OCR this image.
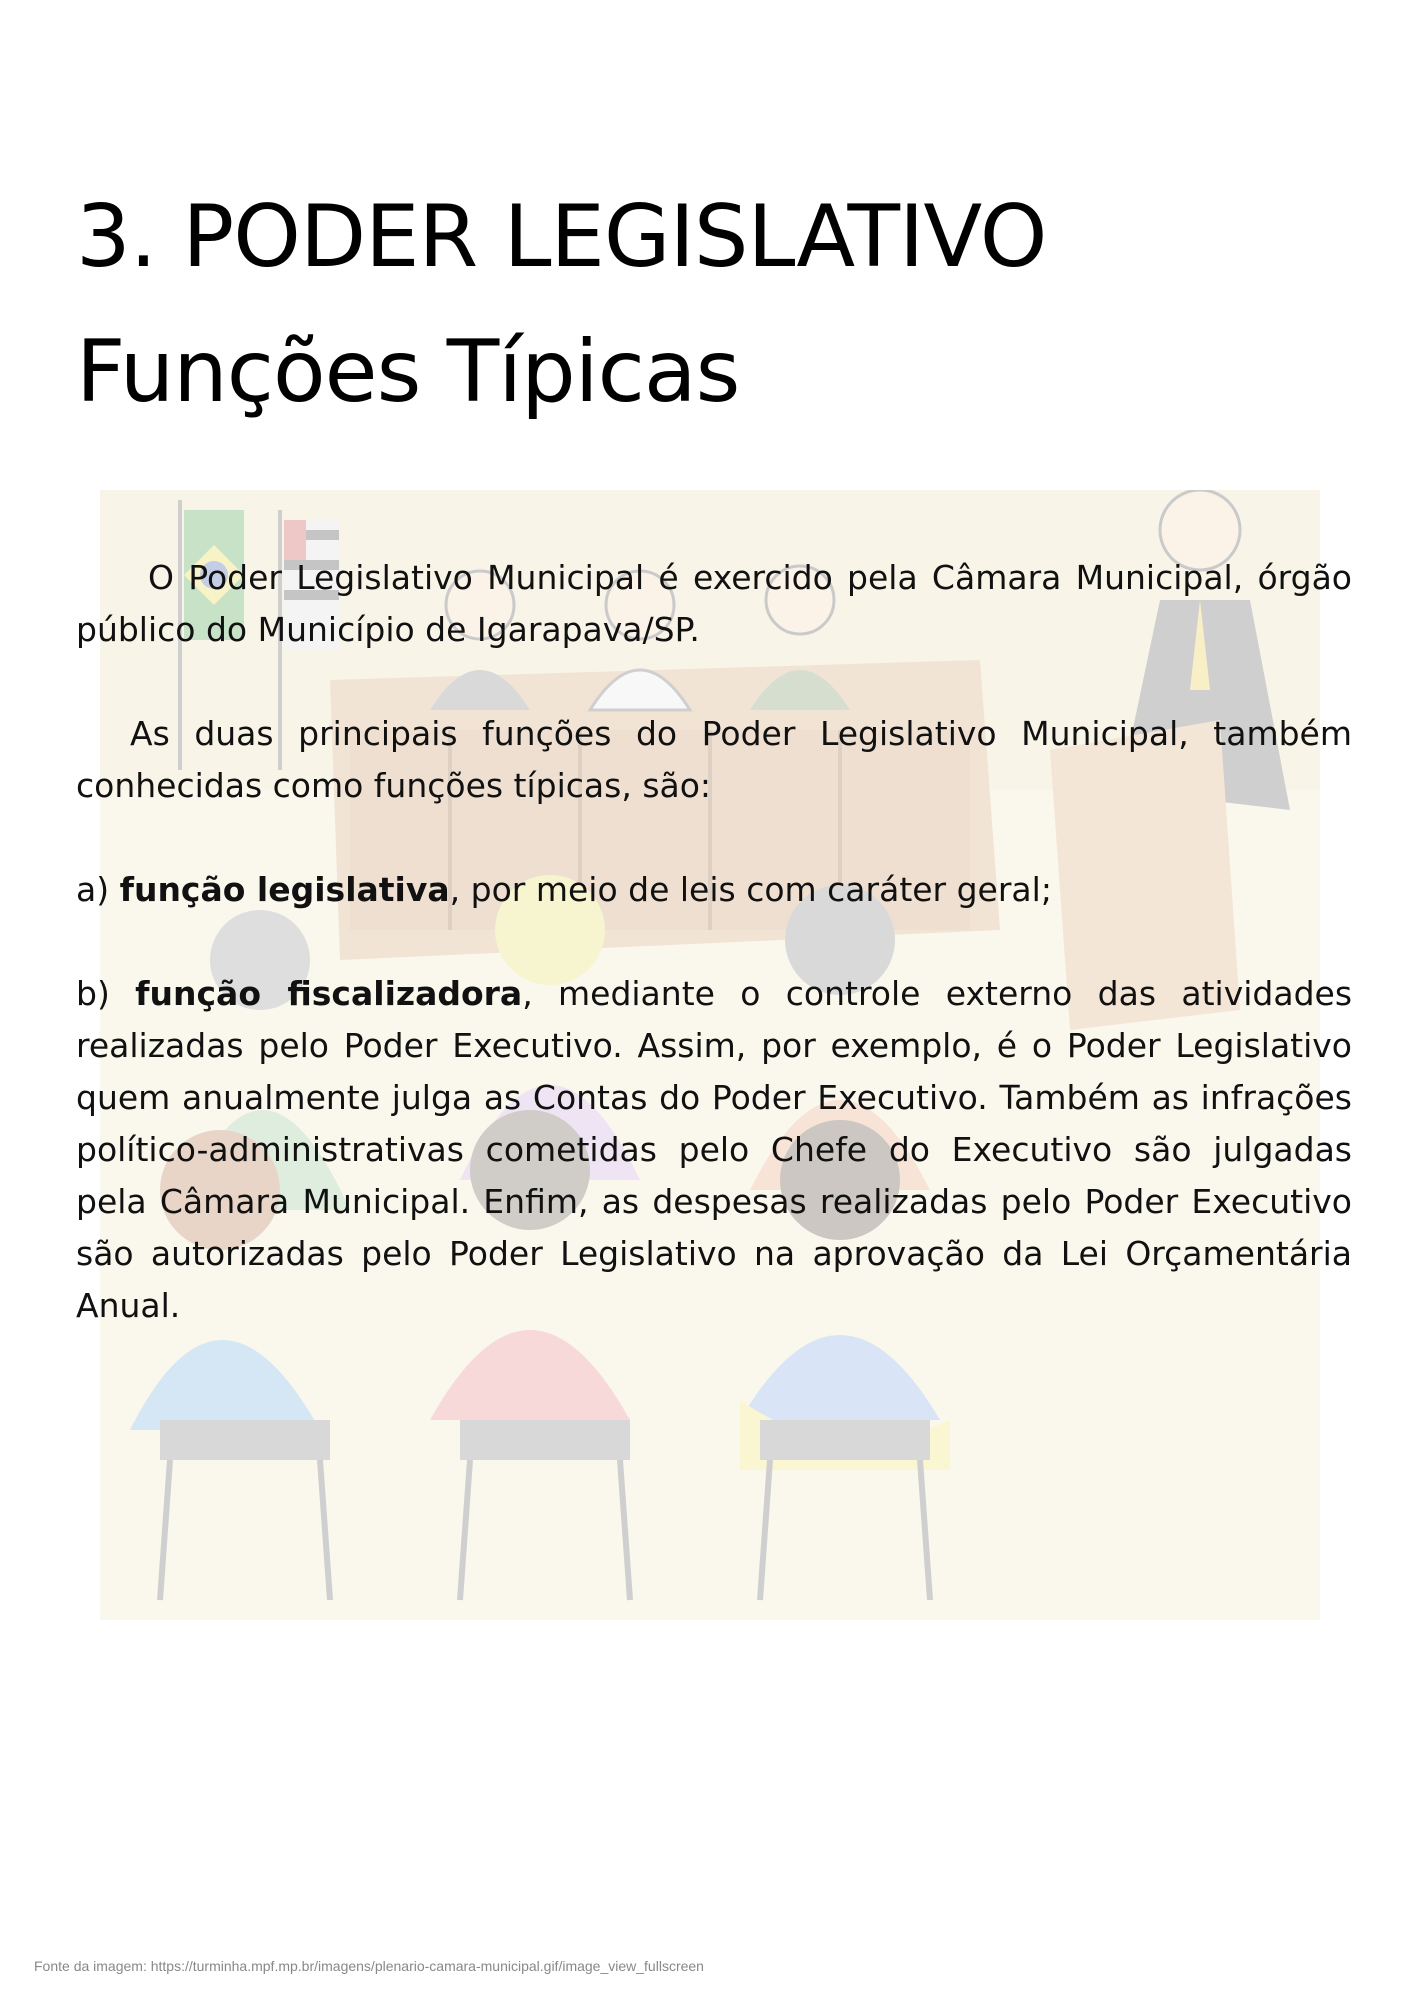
3. PODER LEGISLATIVO
Funções Típicas

O Poder Legislativo Municipal é exercido pela Câmara Municipal, órgão público do Município de Igarapava/SP.

As duas principais funções do Poder Legislativo Municipal, também conhecidas como funções típicas, são:

a) função legislativa, por meio de leis com caráter geral;

b) função fiscalizadora, mediante o controle externo das atividades realizadas pelo Poder Executivo. Assim, por exemplo, é o Poder Legislativo quem anualmente julga as Contas do Poder Executivo. Também as infrações político-administrativas cometidas pelo Chefe do Executivo são julgadas pela Câmara Municipal. Enfim, as despesas realizadas pelo Poder Executivo são autorizadas pelo Poder Legislativo na aprovação da Lei Orçamentária Anual.

Fonte da imagem: https://turminha.mpf.mp.br/imagens/plenario-camara-municipal.gif/image_view_fullscreen
